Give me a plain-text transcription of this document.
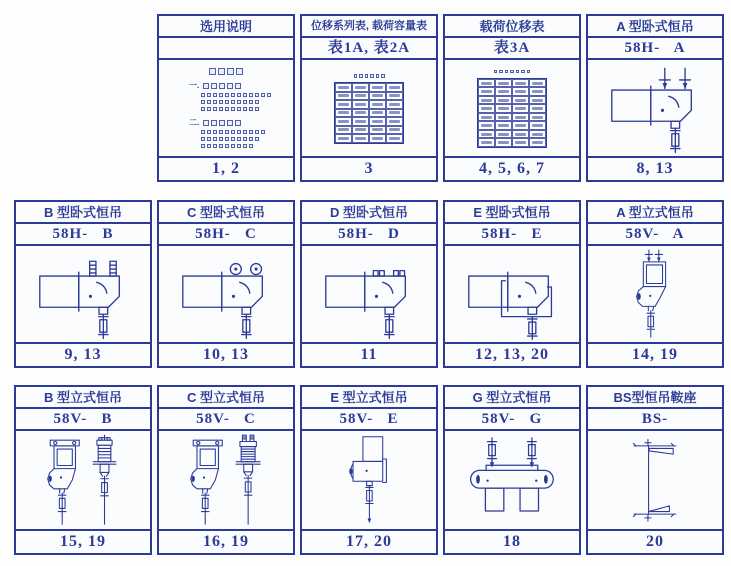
选用说明
一.
二.
1, 2
位移系列表, 载荷容量表
表1A, 表2A
3
载荷位移表
表3A
4, 5, 6, 7
A 型卧式恒吊
58H-   A
8, 13
B 型卧式恒吊
58H-   B
9, 13
C 型卧式恒吊
58H-   C
10, 13
D 型卧式恒吊
58H-   D
11
E 型卧式恒吊
58H-   E
12, 13, 20
A 型立式恒吊
58V-   A
14, 19
B 型立式恒吊
58V-   B
15, 19
C 型立式恒吊
58V-   C
16, 19
E 型立式恒吊
58V-   E
17, 20
G 型立式恒吊
58V-   G
18
BS型恒吊鞍座
BS-
20
